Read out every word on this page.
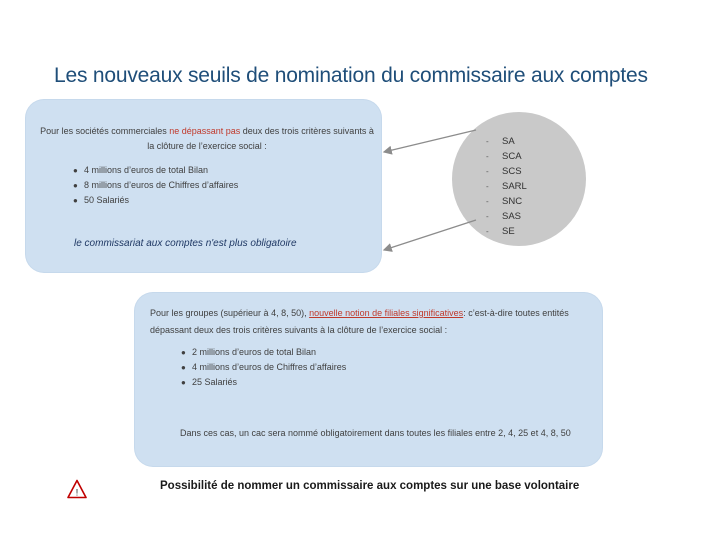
Les nouveaux seuils de nomination du commissaire aux comptes
Pour les sociétés commerciales ne dépassant pas deux des trois critères suivants à la clôture de l’exercice social :
● 4 millions d’euros de total Bilan
● 8 millions d’euros de Chiffres d’affaires
● 50 Salariés
le commissariat aux comptes n'est plus obligatoire
- SA
- SCA
- SCS
- SARL
- SNC
- SAS
- SE
Pour les groupes (supérieur à 4, 8, 50), nouvelle notion de filiales significatives: c’est-à-dire toutes entités dépassant deux des trois critères suivants à la clôture de l’exercice social :
● 2 millions d’euros de total Bilan
● 4 millions d’euros de Chiffres d’affaires
● 25 Salariés
Dans ces cas, un cac sera nommé obligatoirement dans toutes les filiales entre 2, 4, 25 et 4, 8, 50
!
Possibilité de nommer un commissaire aux comptes sur une base volontaire
